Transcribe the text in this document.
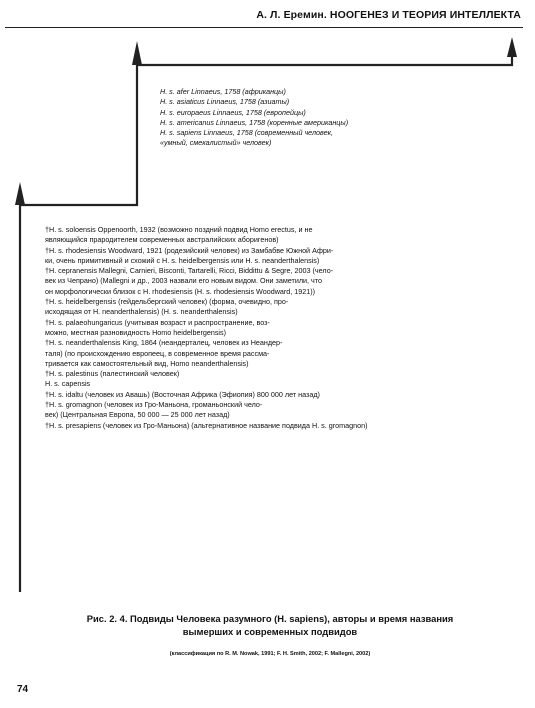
А. Л. Еремин. НООГЕНЕЗ И ТЕОРИЯ ИНТЕЛЛЕКТА
H. s. afer Linnaeus, 1758 (африканцы)
H. s. asiaticus Linnaeus, 1758 (азиаты)
H. s. europaeus Linnaeus, 1758 (европейцы)
H. s. americanus Linnaeus, 1758 (коренные американцы)
H. s. sapiens Linnaeus, 1758 (современный человек,
«умный, смекалистый» человек)
†H. s. soloensis Oppenoorth, 1932 (возможно поздний подвид Homo erectus, и не
являющийся прародителем современных австралийских аборигенов)
†H. s. rhodesiensis Woodward, 1921 (родезийский человек) из Замбабве Южной Афри-
ки, очень примитивный и схожий с H. s. heidelbergensis или H. s. neanderthalensis)
†H. cepranensis Mallegni, Carnieri, Bisconti, Tartarelli, Ricci, Biddittu & Segre, 2003 (чело-
век из Чепрано) (Mallegni и др., 2003 назвали его новым видом. Они заметили, что
он морфологически близок с H. rhodesiensis (H. s. rhodesiensis Woodward, 1921))
†H. s. heidelbergensis (гейдельбергский человек) (форма, очевидно, про-
исходящая от H. neanderthalensis) (H. s. neanderthalensis)
†H. s. palaeohungaricus (учитывая возраст и распространение, воз-
можно, местная разновидность Homo heidelbergensis)
†H. s. neanderthalensis King, 1864 (неандерталец, человек из Неандер-
таля) (по происхождению европеец, в современное время рассма-
тривается как самостоятельный вид, Homo neanderthalensis)
†H. s. palestinus (палестинский человек)
H. s. capensis
†H. s. idaltu (человек из Авашь) (Восточная Африка (Эфиопия) 800 000 лет назад)
†H. s. gromagnon (человек из Гро-Маньона, громаньонский чело-
век) (Центральная Европа, 50 000 — 25 000 лет назад)
†H. s. presapiens (человек из Гро-Маньона) (альтернативное название подвида H. s. gromagnon)
Рис. 2. 4. Подвиды Человека разумного (H. sapiens), авторы и время названия
вымерших и современных подвидов
(классификация по R. M. Nowak, 1991; F. H. Smith, 2002; F. Mallegni, 2002)
74
